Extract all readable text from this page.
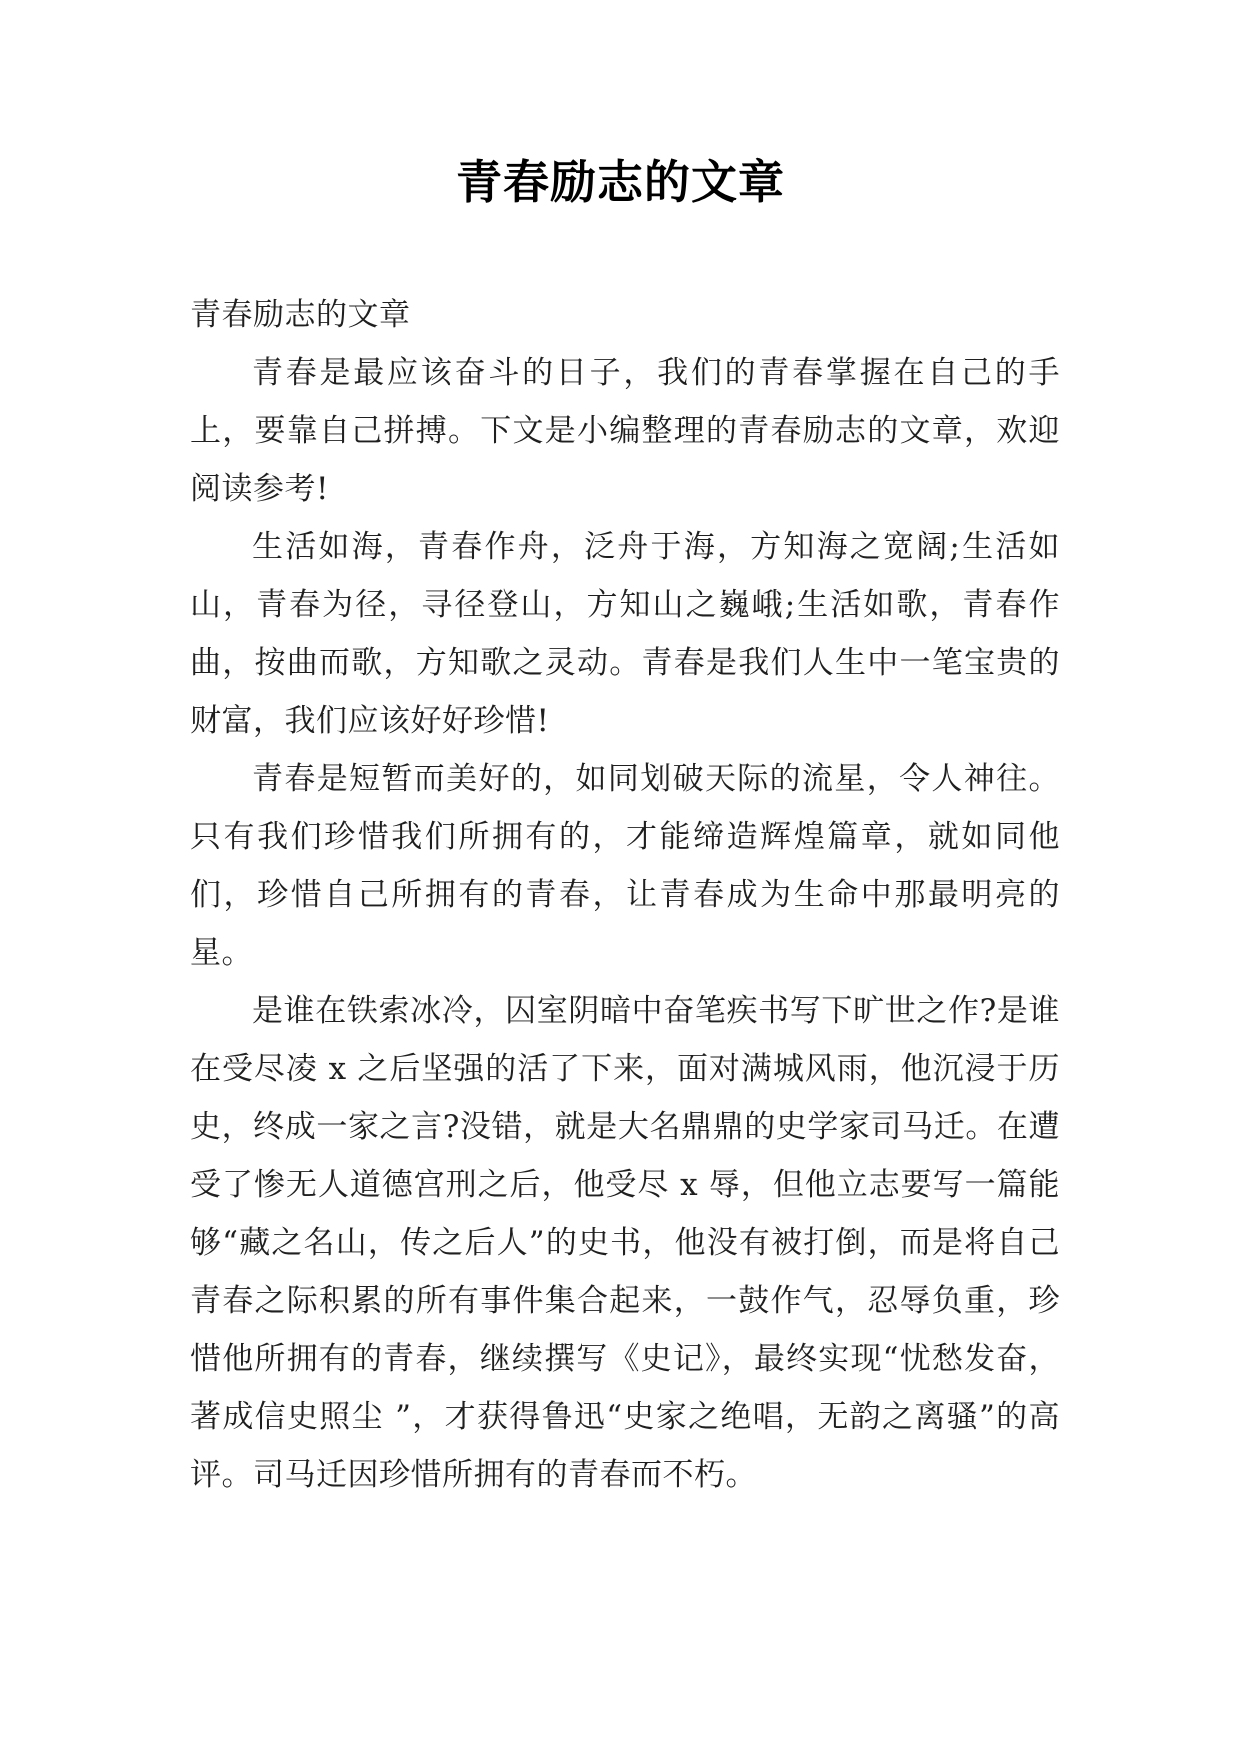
青春励志的文章

青春励志的文章

青春是最应该奋斗的日子，我们的青春掌握在自己的手上，要靠自己拼搏。下文是小编整理的青春励志的文章，欢迎阅读参考!

生活如海，青春作舟，泛舟于海，方知海之宽阔;生活如山，青春为径，寻径登山，方知山之巍峨;生活如歌，青春作曲，按曲而歌，方知歌之灵动。青春是我们人生中一笔宝贵的财富，我们应该好好珍惜!

青春是短暂而美好的，如同划破天际的流星，令人神往。只有我们珍惜我们所拥有的，才能缔造辉煌篇章，就如同他们，珍惜自己所拥有的青春，让青春成为生命中那最明亮的星。

是谁在铁索冰冷，囚室阴暗中奋笔疾书写下旷世之作?是谁在受尽凌 x 之后坚强的活了下来，面对满城风雨，他沉浸于历史，终成一家之言?没错，就是大名鼎鼎的史学家司马迁。在遭受了惨无人道德宫刑之后，他受尽 x 辱，但他立志要写一篇能够“藏之名山，传之后人”的史书，他没有被打倒，而是将自己青春之际积累的所有事件集合起来，一鼓作气，忍辱负重，珍惜他所拥有的青春，继续撰写《史记》，最终实现“忧愁发奋，著成信史照尘 ”，才获得鲁迅“史家之绝唱，无韵之离骚”的高评。司马迁因珍惜所拥有的青春而不朽。
